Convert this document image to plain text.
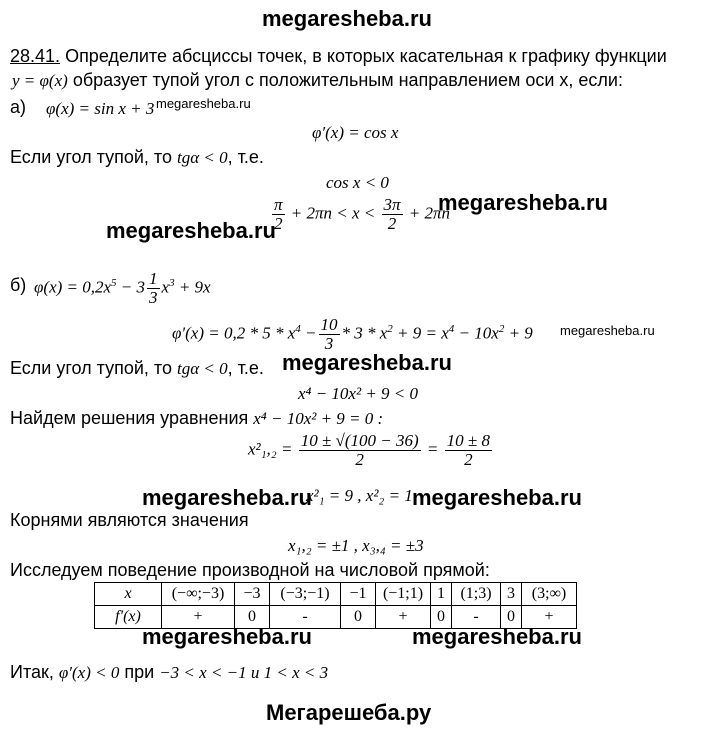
megaresheba.ru
28.41. Определите абсциссы точек, в которых касательная к графику функции
y = φ(x) образует тупой угол с положительным направлением оси х, если:
а) φ(x) = sin x + 3 megaresheba.ru
φ′(x) = cos x
Если угол тупой, то tgα < 0, т.е.
cos x < 0
$\frac{\pi}{2} + 2\pi n < x < \frac{3\pi}{2} + 2\pi n$
megaresheba.ru
megaresheba.ru
б) $\varphi(x) = 0,2x^5 - 3 \frac{1}{3} x^3 + 9x$
$\varphi'(x) = 0,2 * 5 * x^4 - \frac{10}{3} * 3 * x^2 + 9 = x^4 - 10x^2 + 9$ megaresheba.ru
Если угол тупой, то tgα < 0, т.е. megaresheba.ru
x⁴ − 10x² + 9 < 0
Найдем решения уравнения x⁴ − 10x² + 9 = 0 :
$x^2_1,_2 = \frac{10 \pm √(100 - 36)}{2} = \frac{10 \pm 8}{2}$
megaresheba.ru
x²₁ = 9 , x²₂ = 1 megaresheba.ru
Корнями являются значения
x₁,₂ = ±1 , x₃,₄ = ±3
Исследуем поведение производной на числовой прямой:
x	(−∞;−3)	−3	(−3;−1)	−1	(−1;1)	1	(1;3)	3	(3;∞)
f′(x)	+	0	-	0	+	0	-	0	+
megaresheba.ru	megaresheba.ru
Итак, φ′(x) < 0 при −3 < x < −1 и 1 < x < 3
Мегарешеба.ру
